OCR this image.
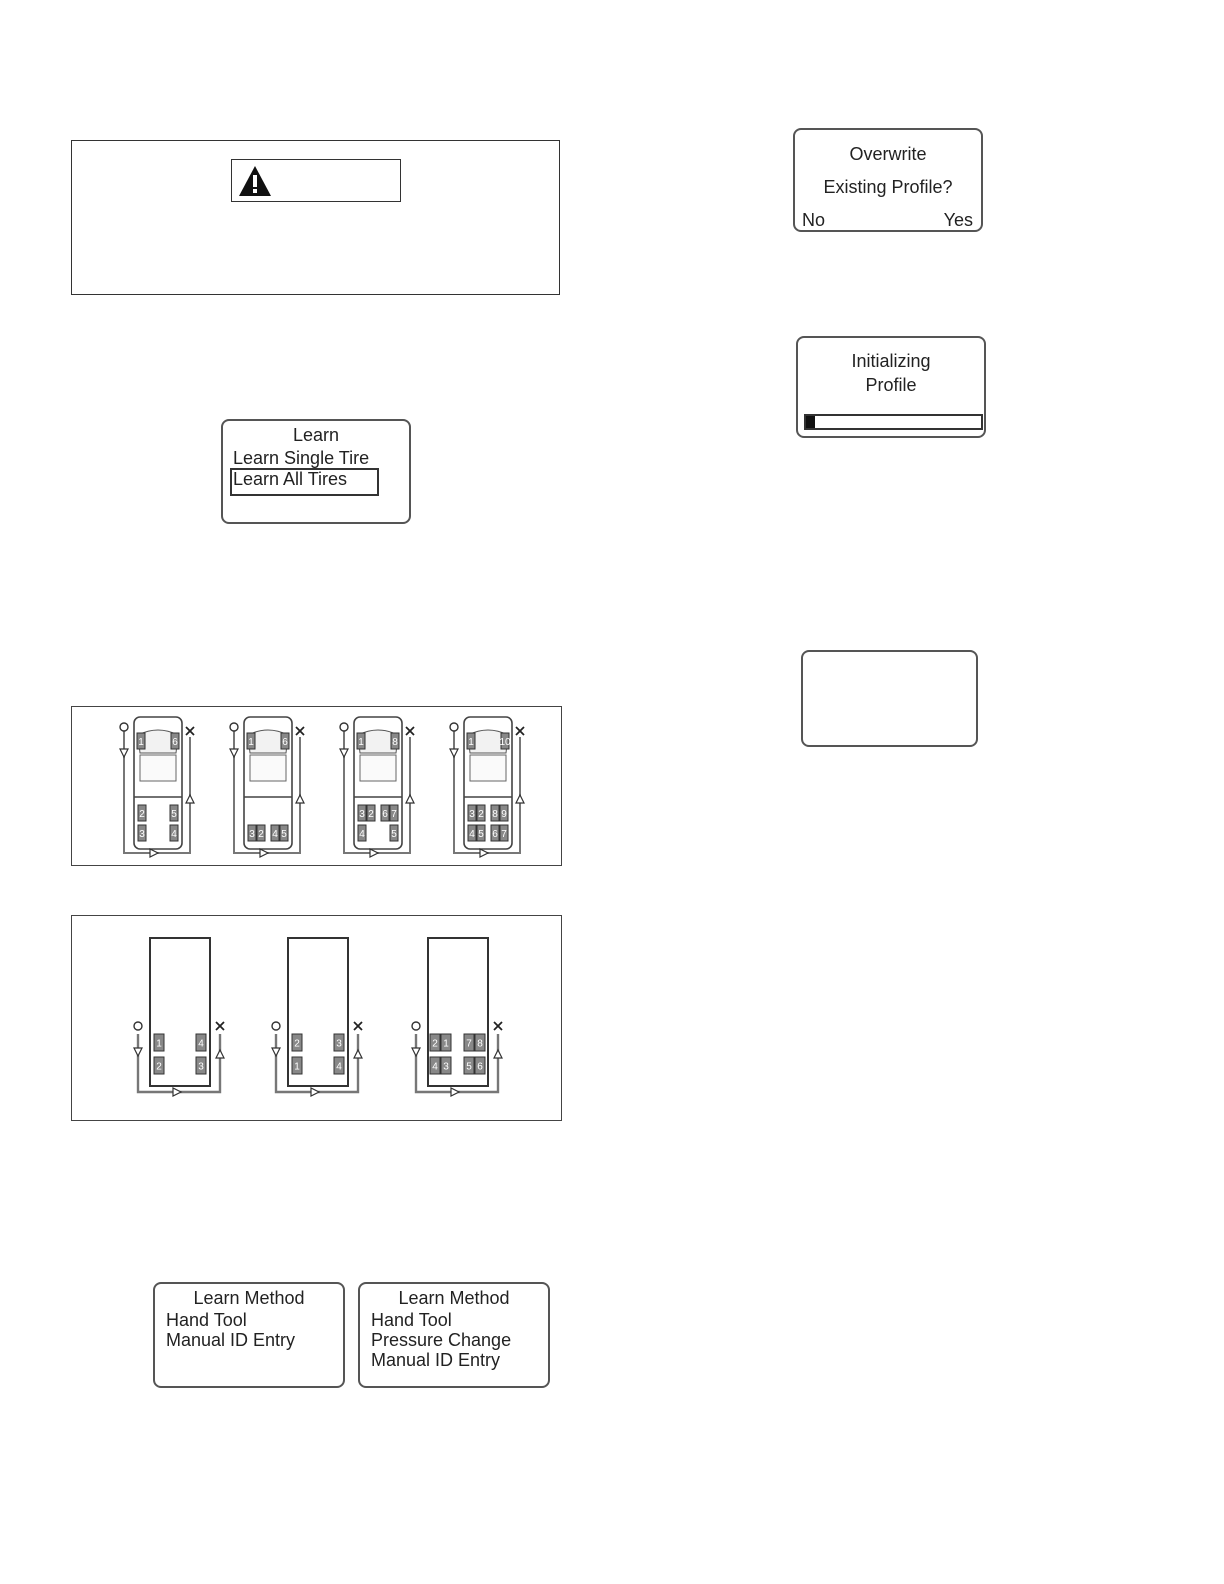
Learn
Learn Single Tire
Learn All Tires
1	6
2	5
3	4
1	6
3 2 4 5
1	8
3 2 6 7
4	5
1	10
3 2 8 9
4 5 6 7
1
2
4
3
2
1
3
4
2 1 7 8
4 3 5 6
Learn Method
Hand Tool
Manual ID Entry
Learn Method
Hand Tool
Pressure Change
Manual ID Entry
Overwrite
Existing Profile?
No	Yes
Initializing
Profile
